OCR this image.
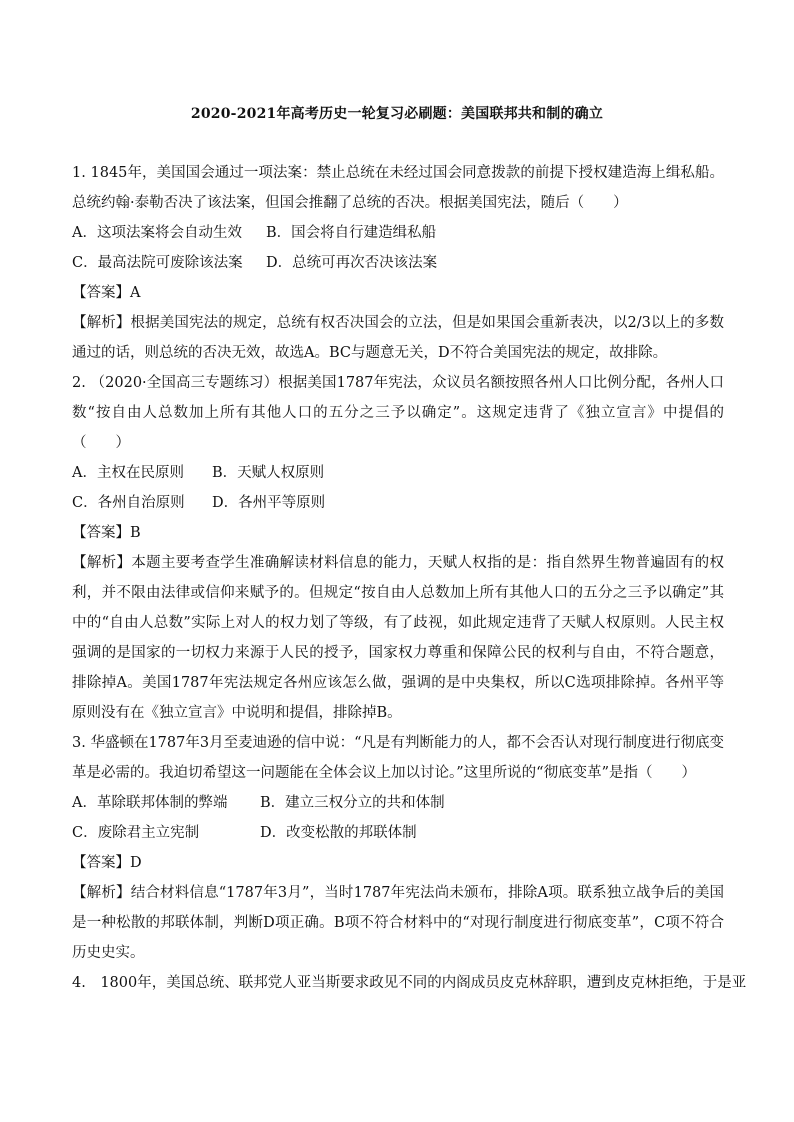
2020-2021年高考历史一轮复习必刷题：美国联邦共和制的确立

1. 1845年，美国国会通过一项法案：禁止总统在未经过国会同意拨款的前提下授权建造海上缉私船。总统约翰·泰勒否决了该法案，但国会推翻了总统的否决。根据美国宪法，随后（　　）

A．这项法案将会自动生效	B．国会将自行建造缉私船
C．最高法院可废除该法案	D．总统可再次否决该法案

【答案】A

【解析】根据美国宪法的规定，总统有权否决国会的立法，但是如果国会重新表决，以2/3以上的多数通过的话，则总统的否决无效，故选A。BC与题意无关，D不符合美国宪法的规定，故排除。

2. （2020·全国高三专题练习）根据美国1787年宪法，众议员名额按照各州人口比例分配，各州人口数“按自由人总数加上所有其他人口的五分之三予以确定”。这规定违背了《独立宣言》中提倡的（　　）

A．主权在民原则	B．天赋人权原则
C．各州自治原则	D．各州平等原则

【答案】B

【解析】本题主要考查学生准确解读材料信息的能力，天赋人权指的是：指自然界生物普遍固有的权利，并不限由法律或信仰来赋予的。但规定“按自由人总数加上所有其他人口的五分之三予以确定”其中的“自由人总数”实际上对人的权力划了等级，有了歧视，如此规定违背了天赋人权原则。人民主权强调的是国家的一切权力来源于人民的授予，国家权力尊重和保障公民的权利与自由，不符合题意，排除掉A。美国1787年宪法规定各州应该怎么做，强调的是中央集权，所以C选项排除掉。各州平等原则没有在《独立宣言》中说明和提倡，排除掉B。

3. 华盛顿在1787年3月至麦迪逊的信中说：“凡是有判断能力的人，都不会否认对现行制度进行彻底变革是必需的。我迫切希望这一问题能在全体会议上加以讨论。”这里所说的“彻底变革”是指（　　）

A．革除联邦体制的弊端	B．建立三权分立的共和体制
C．废除君主立宪制	D．改变松散的邦联体制

【答案】D

【解析】结合材料信息“1787年3月”，当时1787年宪法尚未颁布，排除A项。联系独立战争后的美国是一种松散的邦联体制，判断D项正确。B项不符合材料中的“对现行制度进行彻底变革”，C项不符合历史史实。

4.　1800年，美国总统、联邦党人亚当斯要求政见不同的内阁成员皮克林辞职，遭到皮克林拒绝，于是亚
